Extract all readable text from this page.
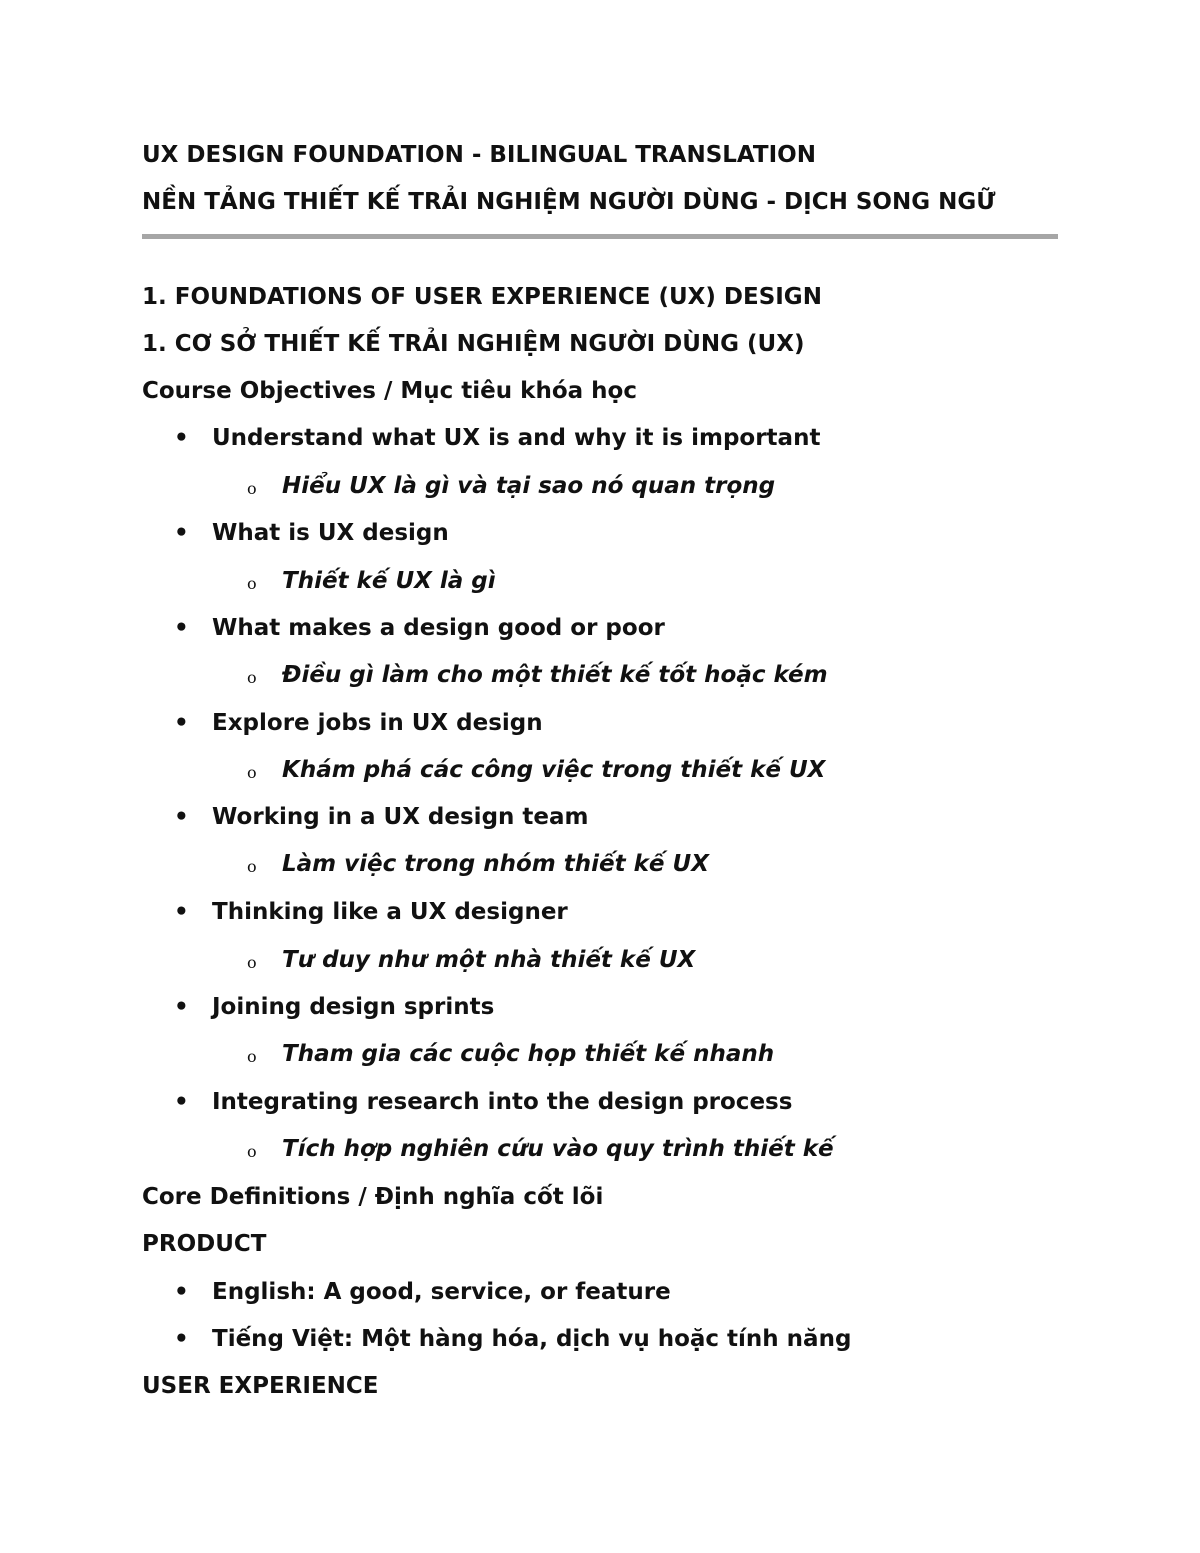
UX DESIGN FOUNDATION - BILINGUAL TRANSLATION
NỀN TẢNG THIẾT KẾ TRẢI NGHIỆM NGƯỜI DÙNG - DỊCH SONG NGỮ
1. FOUNDATIONS OF USER EXPERIENCE (UX) DESIGN
1. CƠ SỞ THIẾT KẾ TRẢI NGHIỆM NGƯỜI DÙNG (UX)
Course Objectives / Mục tiêu khóa học
• Understand what UX is and why it is important
o Hiểu UX là gì và tại sao nó quan trọng
• What is UX design
o Thiết kế UX là gì
• What makes a design good or poor
o Điều gì làm cho một thiết kế tốt hoặc kém
• Explore jobs in UX design
o Khám phá các công việc trong thiết kế UX
• Working in a UX design team
o Làm việc trong nhóm thiết kế UX
• Thinking like a UX designer
o Tư duy như một nhà thiết kế UX
• Joining design sprints
o Tham gia các cuộc họp thiết kế nhanh
• Integrating research into the design process
o Tích hợp nghiên cứu vào quy trình thiết kế
Core Definitions / Định nghĩa cốt lõi
PRODUCT
• English: A good, service, or feature
• Tiếng Việt: Một hàng hóa, dịch vụ hoặc tính năng
USER EXPERIENCE
